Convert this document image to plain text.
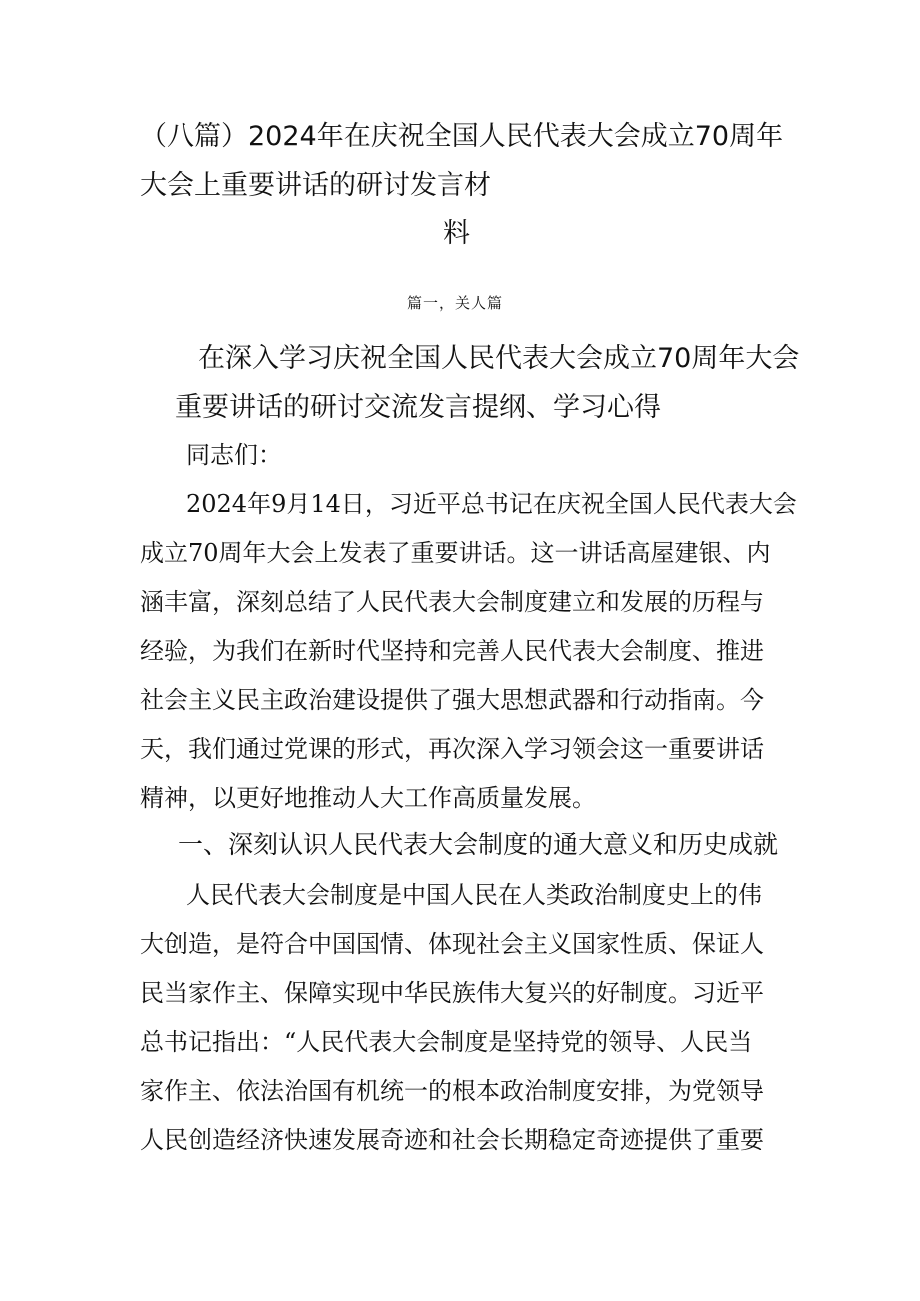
（八篇）2024年在庆祝全国人民代表大会成立70周年
大会上重要讲话的研讨发言材
料
篇一，关人篇
在深入学习庆祝全国人民代表大会成立70周年大会
重要讲话的研讨交流发言提纲、学习心得
同志们：
2024年9月14日，习近平总书记在庆祝全国人民代表大会
成立70周年大会上发表了重要讲话。这一讲话高屋建银、内
涵丰富，深刻总结了人民代表大会制度建立和发展的历程与
经验，为我们在新时代坚持和完善人民代表大会制度、推进
社会主义民主政治建设提供了强大思想武器和行动指南。今
天，我们通过党课的形式，再次深入学习领会这一重要讲话
精神，以更好地推动人大工作高质量发展。
一、深刻认识人民代表大会制度的通大意义和历史成就
人民代表大会制度是中国人民在人类政治制度史上的伟
大创造，是符合中国国情、体现社会主义国家性质、保证人
民当家作主、保障实现中华民族伟大复兴的好制度。习近平
总书记指出：“人民代表大会制度是坚持党的领导、人民当
家作主、依法治国有机统一的根本政治制度安排，为党领导
人民创造经济快速发展奇迹和社会长期稳定奇迹提供了重要
